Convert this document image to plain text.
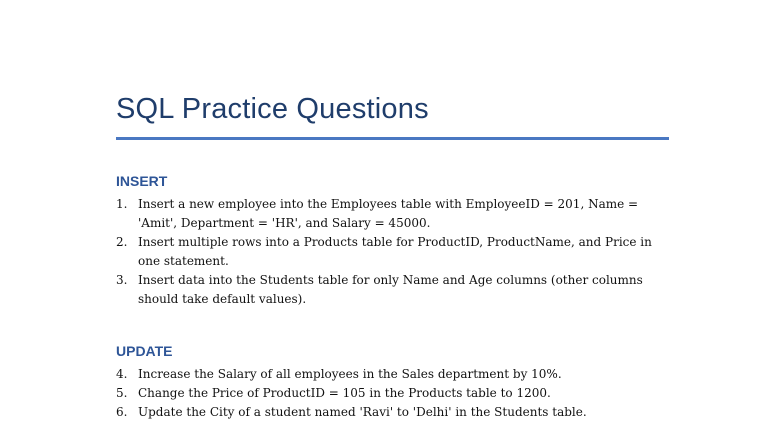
SQL Practice Questions
INSERT
1. Insert a new employee into the Employees table with EmployeeID = 201, Name = 'Amit', Department = 'HR', and Salary = 45000.
2. Insert multiple rows into a Products table for ProductID, ProductName, and Price in one statement.
3. Insert data into the Students table for only Name and Age columns (other columns should take default values).
UPDATE
4. Increase the Salary of all employees in the Sales department by 10%.
5. Change the Price of ProductID = 105 in the Products table to 1200.
6. Update the City of a student named 'Ravi' to 'Delhi' in the Students table.
